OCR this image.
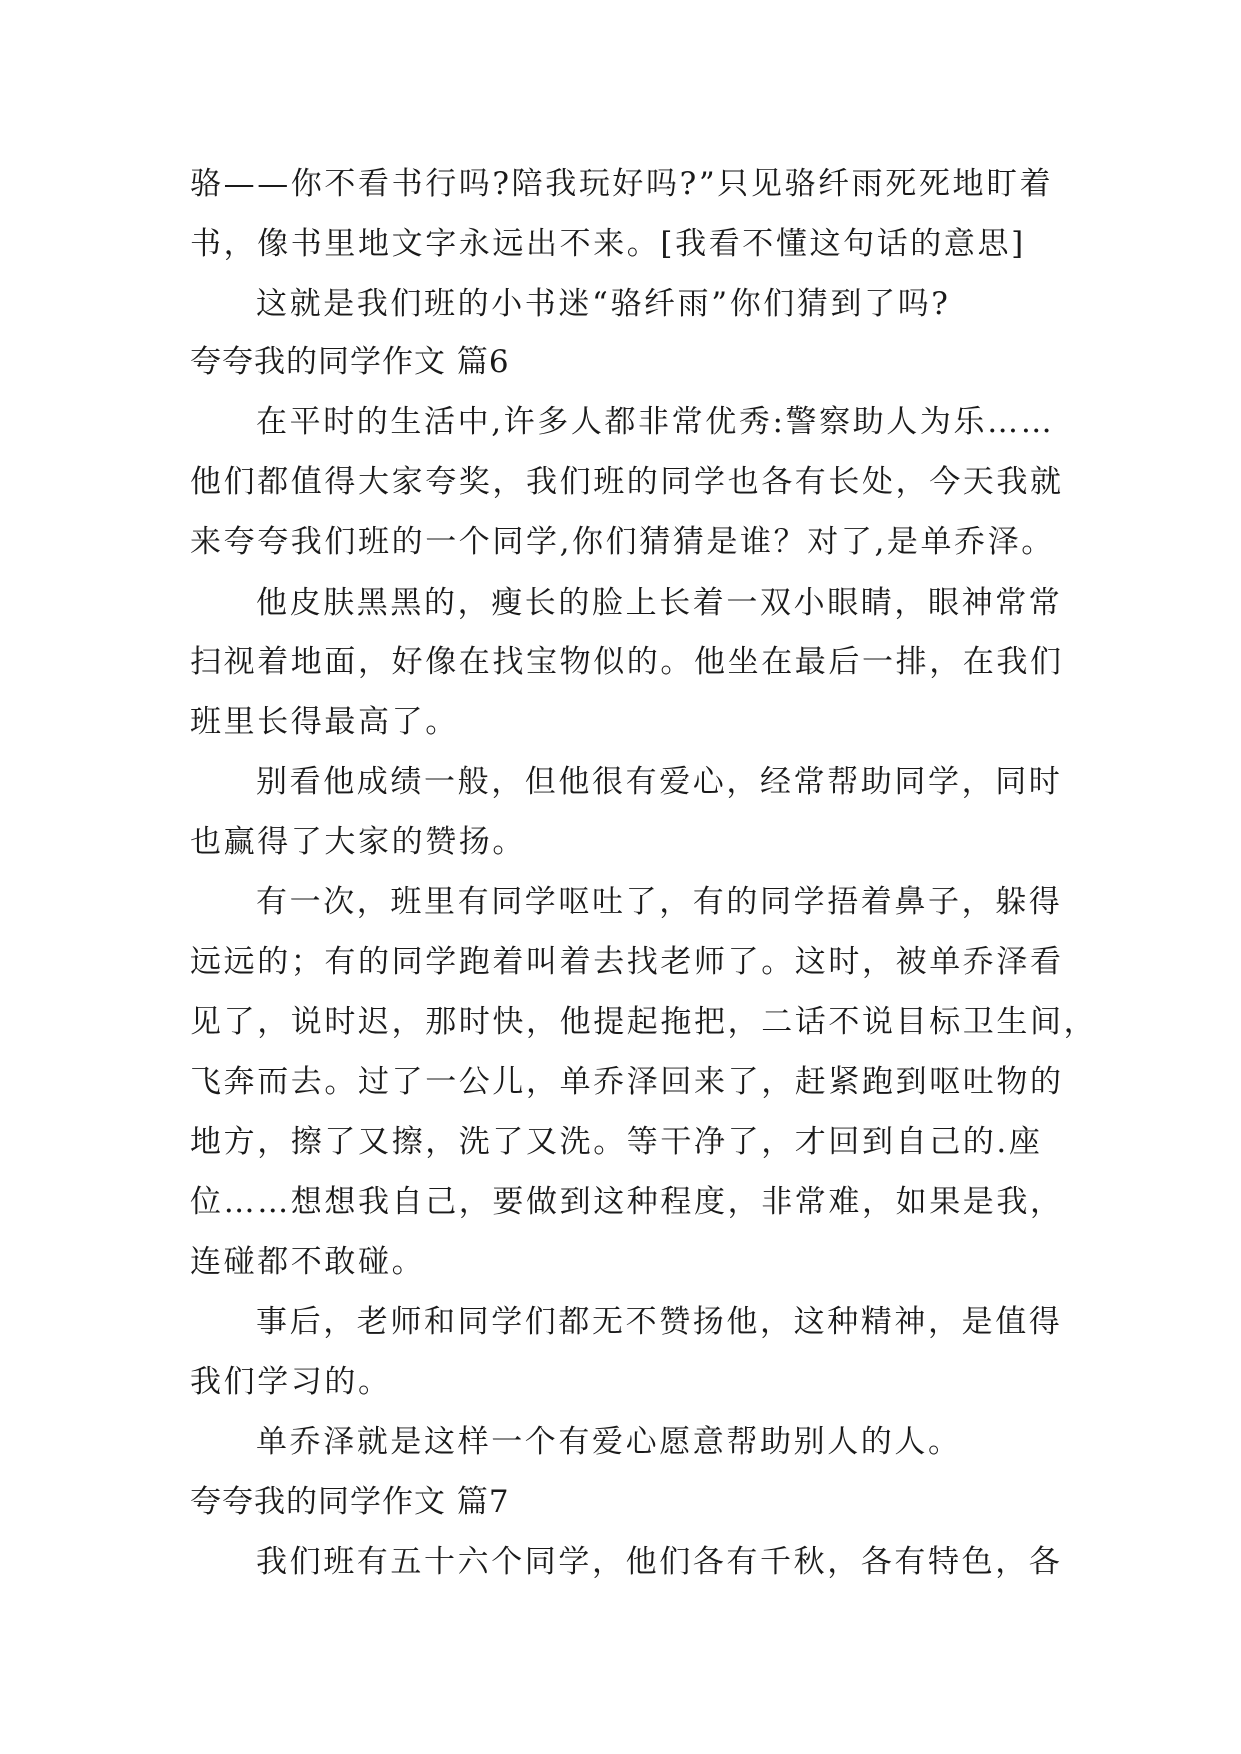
骆——你不看书行吗?陪我玩好吗?”只见骆纤雨死死地盯着
书，像书里地文字永远出不来。[我看不懂这句话的意思]
这就是我们班的小书迷“骆纤雨”你们猜到了吗?
夸夸我的同学作文 篇6
在平时的生活中,许多人都非常优秀:警察助人为乐……
他们都值得大家夸奖，我们班的同学也各有长处，今天我就
来夸夸我们班的一个同学,你们猜猜是谁？对了,是单乔泽。
他皮肤黑黑的，瘦长的脸上长着一双小眼睛，眼神常常
扫视着地面，好像在找宝物似的。他坐在最后一排，在我们
班里长得最高了。
别看他成绩一般，但他很有爱心，经常帮助同学，同时
也赢得了大家的赞扬。
有一次，班里有同学呕吐了，有的同学捂着鼻子，躲得
远远的；有的同学跑着叫着去找老师了。这时，被单乔泽看
见了，说时迟，那时快，他提起拖把，二话不说目标卫生间，
飞奔而去。过了一公儿，单乔泽回来了，赶紧跑到呕吐物的
地方，擦了又擦，洗了又洗。等干净了，才回到自己的.座
位……想想我自己，要做到这种程度，非常难，如果是我，
连碰都不敢碰。
事后，老师和同学们都无不赞扬他，这种精神，是值得
我们学习的。
单乔泽就是这样一个有爱心愿意帮助别人的人。
夸夸我的同学作文 篇7
我们班有五十六个同学，他们各有千秋，各有特色，各
